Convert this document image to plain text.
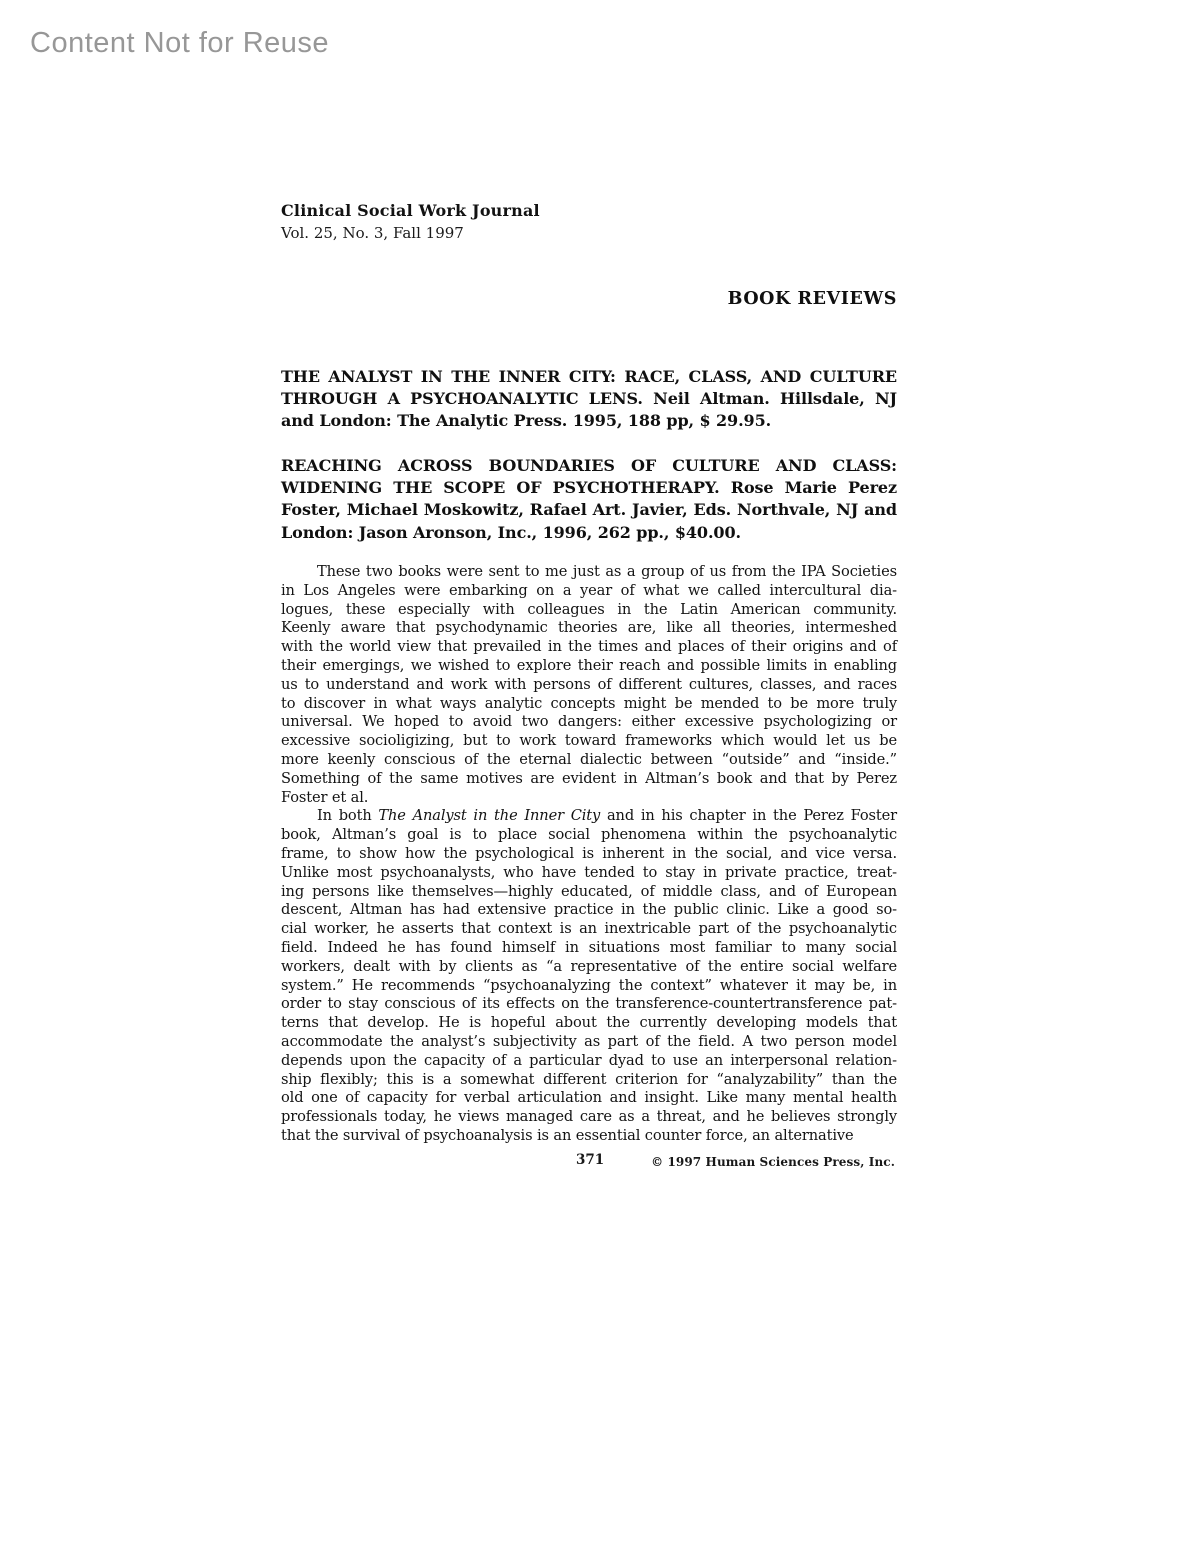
Content Not for Reuse
Clinical Social Work Journal
Vol. 25, No. 3, Fall 1997
BOOK REVIEWS
THE ANALYST IN THE INNER CITY: RACE, CLASS, AND CULTURE
THROUGH A PSYCHOANALYTIC LENS. Neil Altman. Hillsdale, NJ
and London: The Analytic Press. 1995, 188 pp, $ 29.95.
REACHING ACROSS BOUNDARIES OF CULTURE AND CLASS:
WIDENING THE SCOPE OF PSYCHOTHERAPY. Rose Marie Perez
Foster, Michael Moskowitz, Rafael Art. Javier, Eds. Northvale, NJ and
London: Jason Aronson, Inc., 1996, 262 pp., $40.00.
These two books were sent to me just as a group of us from the IPA Societies
in Los Angeles were embarking on a year of what we called intercultural dia-
logues, these especially with colleagues in the Latin American community.
Keenly aware that psychodynamic theories are, like all theories, intermeshed
with the world view that prevailed in the times and places of their origins and of
their emergings, we wished to explore their reach and possible limits in enabling
us to understand and work with persons of different cultures, classes, and races
to discover in what ways analytic concepts might be mended to be more truly
universal. We hoped to avoid two dangers: either excessive psychologizing or
excessive socioligizing, but to work toward frameworks which would let us be
more keenly conscious of the eternal dialectic between “outside” and “inside.”
Something of the same motives are evident in Altman’s book and that by Perez
Foster et al.
In both The Analyst in the Inner City and in his chapter in the Perez Foster
book, Altman’s goal is to place social phenomena within the psychoanalytic
frame, to show how the psychological is inherent in the social, and vice versa.
Unlike most psychoanalysts, who have tended to stay in private practice, treat-
ing persons like themselves—highly educated, of middle class, and of European
descent, Altman has had extensive practice in the public clinic. Like a good so-
cial worker, he asserts that context is an inextricable part of the psychoanalytic
field. Indeed he has found himself in situations most familiar to many social
workers, dealt with by clients as “a representative of the entire social welfare
system.” He recommends “psychoanalyzing the context” whatever it may be, in
order to stay conscious of its effects on the transference-countertransference pat-
terns that develop. He is hopeful about the currently developing models that
accommodate the analyst’s subjectivity as part of the field. A two person model
depends upon the capacity of a particular dyad to use an interpersonal relation-
ship flexibly; this is a somewhat different criterion for “analyzability” than the
old one of capacity for verbal articulation and insight. Like many mental health
professionals today, he views managed care as a threat, and he believes strongly
that the survival of psychoanalysis is an essential counter force, an alternative
371	© 1997 Human Sciences Press, Inc.
